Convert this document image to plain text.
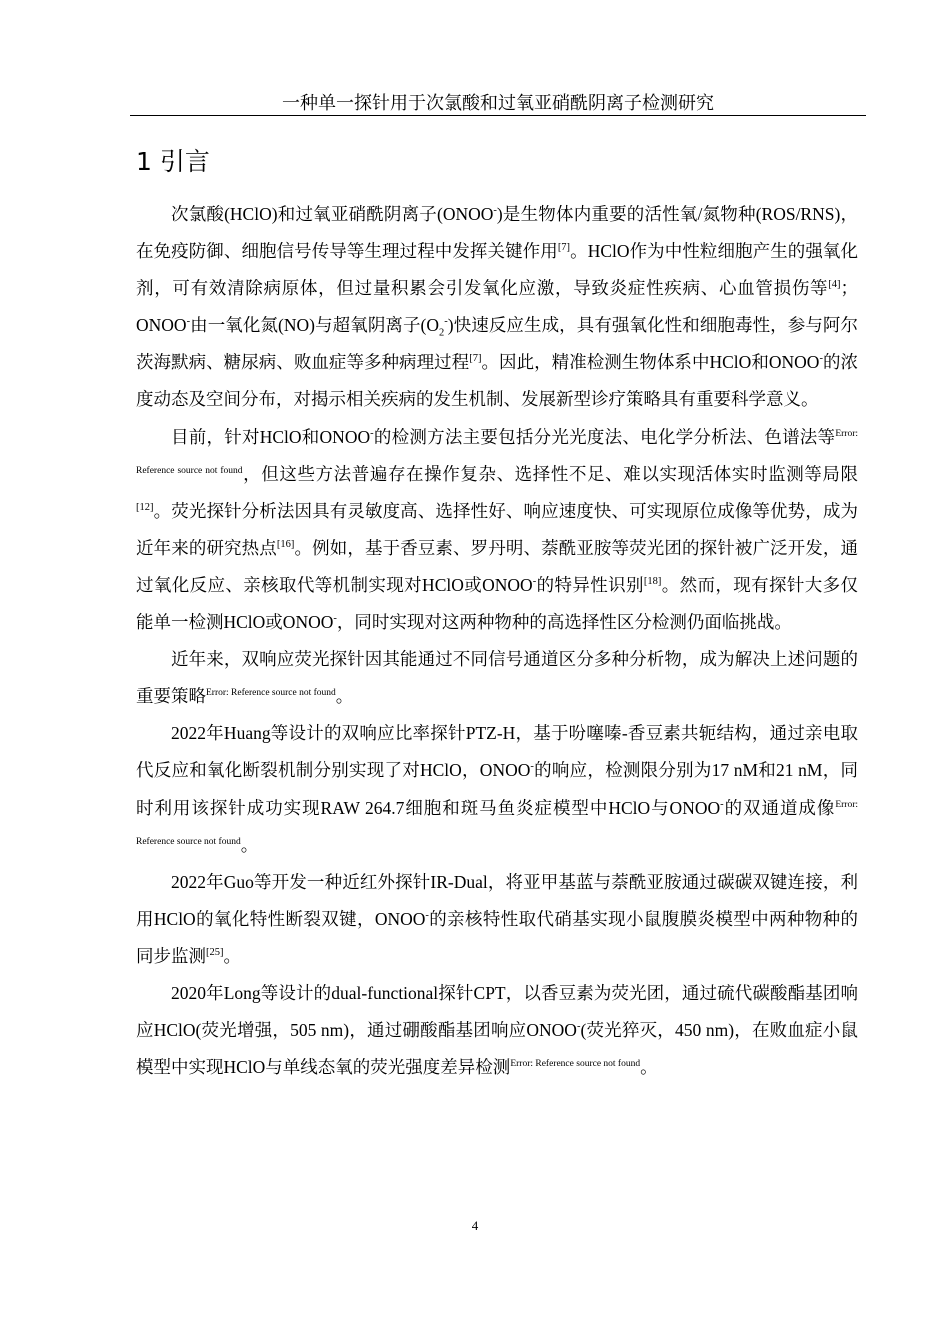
一种单一探针用于次氯酸和过氧亚硝酰阴离子检测研究
1 引言

次氯酸(HClO)和过氧亚硝酰阴离子(ONOO-)是生物体内重要的活性氧/氮物种(ROS/RNS)，在免疫防御、细胞信号传导等生理过程中发挥关键作用[7]。HClO作为中性粒细胞产生的强氧化剂，可有效清除病原体，但过量积累会引发氧化应激，导致炎症性疾病、心血管损伤等[4]；ONOO-由一氧化氮(NO)与超氧阴离子$(O_2^-)$快速反应生成，具有强氧化性和细胞毒性，参与阿尔茨海默病、糖尿病、败血症等多种病理过程[7]。因此，精准检测生物体系中HClO和ONOO-的浓度动态及空间分布，对揭示相关疾病的发生机制、发展新型诊疗策略具有重要科学意义。

目前，针对HClO和ONOO-的检测方法主要包括分光光度法、电化学分析法、色谱法等$^{Error: Reference source not found}$，但这些方法普遍存在操作复杂、选择性不足、难以实现活体实时监测等局限[12]。荧光探针分析法因具有灵敏度高、选择性好、响应速度快、可实现原位成像等优势，成为近年来的研究热点[16]。例如，基于香豆素、罗丹明、萘酰亚胺等荧光团的探针被广泛开发，通过氧化反应、亲核取代等机制实现对HClO或ONOO-的特异性识别[18]。然而，现有探针大多仅能单一检测HClO或ONOO-，同时实现对这两种物种的高选择性区分检测仍面临挑战。

近年来，双响应荧光探针因其能通过不同信号通道区分多种分析物，成为解决上述问题的重要策略$^{Error: Reference source not found}$。

2022年Huang等设计的双响应比率探针PTZ-H，基于吩噻嗪-香豆素共轭结构，通过亲电取代反应和氧化断裂机制分别实现了对HClO，ONOO-的响应，检测限分别为17 nM和21 nM，同时利用该探针成功实现RAW 264.7细胞和斑马鱼炎症模型中HClO与ONOO-的双通道成像$^{Error: Reference source not found}$。

2022年Guo等开发一种近红外探针IR-Dual，将亚甲基蓝与萘酰亚胺通过碳碳双键连接，利用HClO的氧化特性断裂双键，ONOO-的亲核特性取代硝基实现小鼠腹膜炎模型中两种物种的同步监测[25]。

2020年Long等设计的dual-functional探针CPT，以香豆素为荧光团，通过硫代碳酸酯基团响应HClO(荧光增强，505 nm)，通过硼酸酯基团响应ONOO-(荧光猝灭，450 nm)，在败血症小鼠模型中实现HClO与单线态氧的荧光强度差异检测$^{Error: Reference source not found}$。

4
